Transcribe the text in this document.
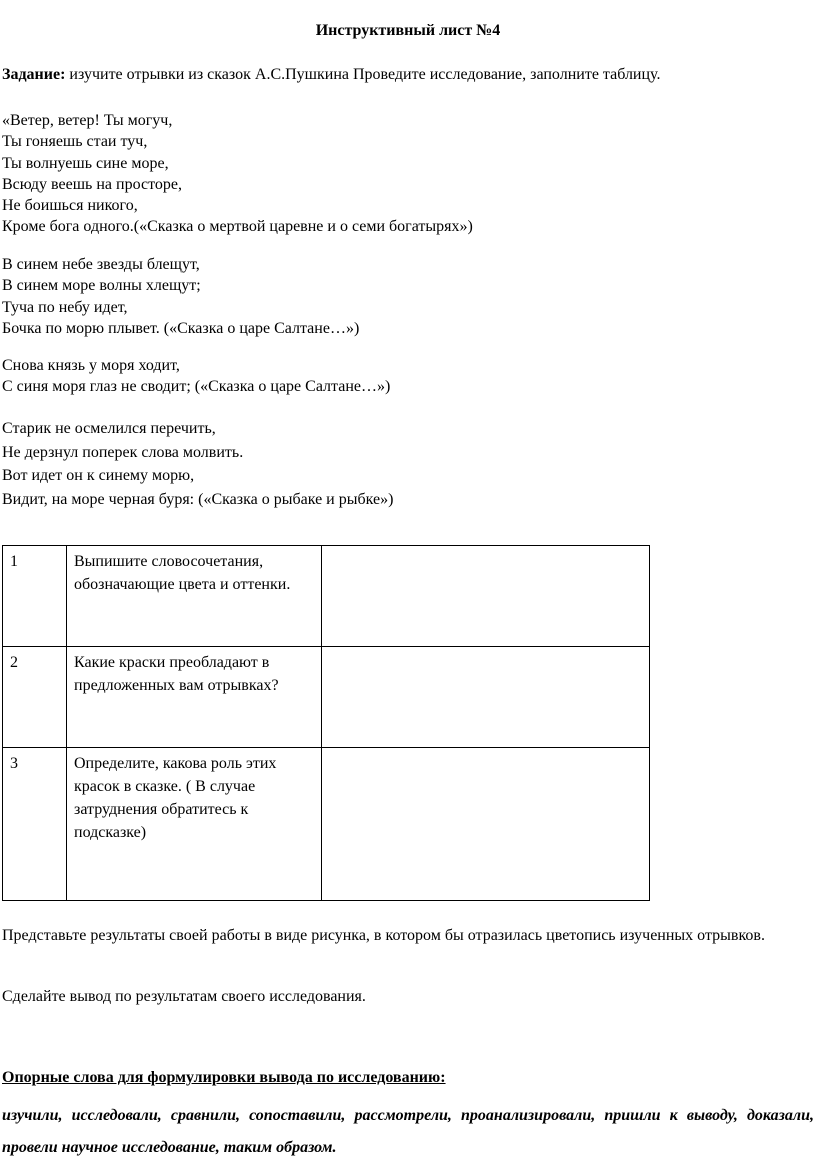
Инструктивный лист №4
Задание: изучите отрывки из сказок А.С.Пушкина Проведите исследование, заполните таблицу.
«Ветер, ветер! Ты могуч,
Ты гоняешь стаи туч,
Ты волнуешь сине море,
Всюду веешь на просторе,
Не боишься никого,
Кроме бога одного.(«Сказка о мертвой царевне и о семи богатырях»)
В синем небе звезды блещут,
В синем море волны хлещут;
Туча по небу идет,
Бочка по морю плывет. («Сказка о царе Салтане…»)
Снова князь у моря ходит,
С синя моря глаз не сводит; («Сказка о царе Салтане…»)
Старик не осмелился перечить,
Не дерзнул поперек слова молвить.
Вот идет он к синему морю,
Видит, на море черная буря: («Сказка о рыбаке и рыбке»)
1	Выпишите словосочетания, обозначающие цвета и оттенки.	
2	Какие краски преобладают в предложенных вам отрывках?	
3	Определите, какова роль этих красок в сказке. ( В случае затруднения обратитесь к подсказке)	
Представьте результаты своей работы в виде рисунка, в котором бы отразилась цветопись изученных отрывков.
Сделайте вывод по результатам своего исследования.
Опорные слова для формулировки вывода по исследованию:
изучили, исследовали, сравнили, сопоставили, рассмотрели, проанализировали, пришли к выводу, доказали, провели научное исследование, таким образом.
